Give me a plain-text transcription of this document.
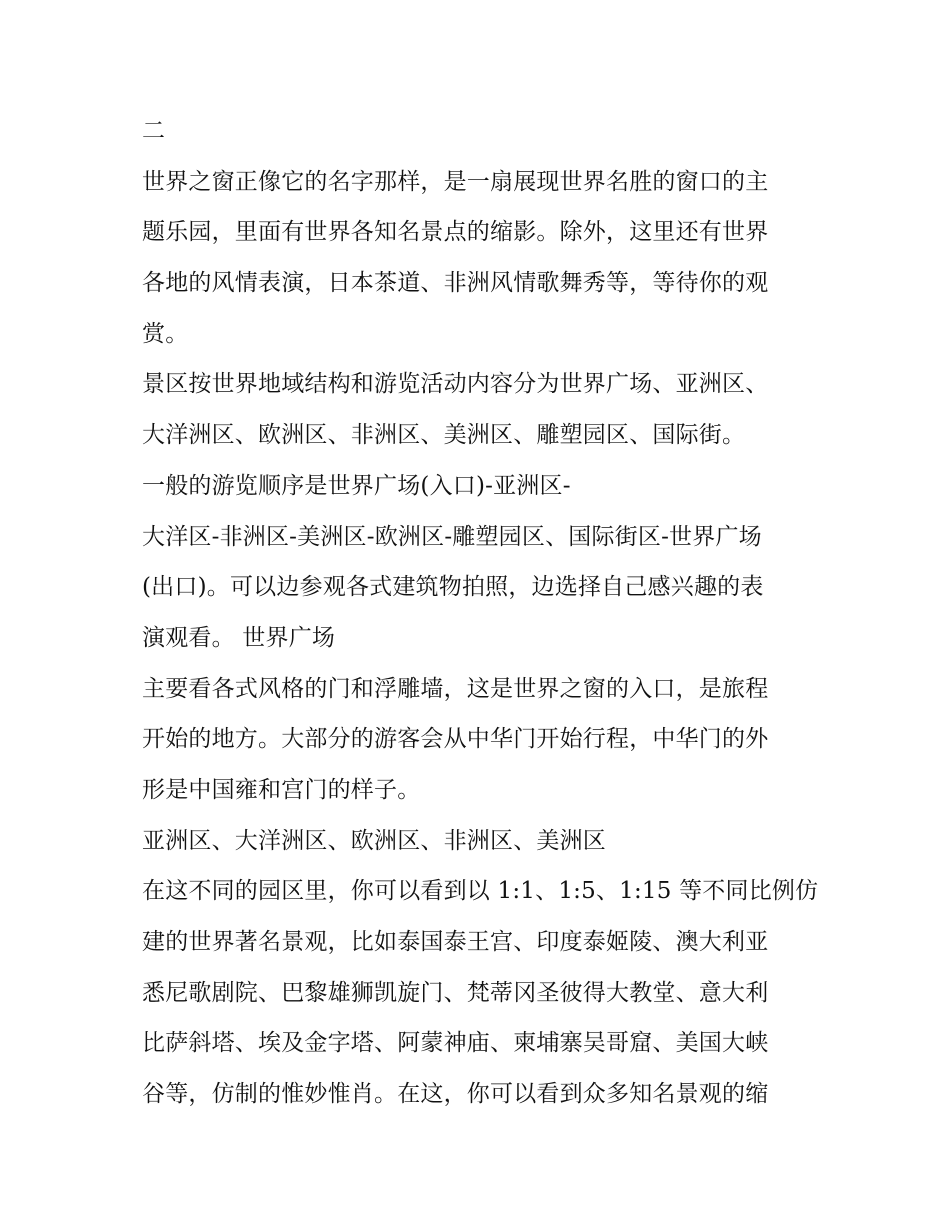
二
世界之窗正像它的名字那样，是一扇展现世界名胜的窗口的主
题乐园，里面有世界各知名景点的缩影。除外，这里还有世界
各地的风情表演，日本茶道、非洲风情歌舞秀等，等待你的观
赏。
景区按世界地域结构和游览活动内容分为世界广场、亚洲区、
大洋洲区、欧洲区、非洲区、美洲区、雕塑园区、国际街。
一般的游览顺序是世界广场(入口)-亚洲区-
大洋区-非洲区-美洲区-欧洲区-雕塑园区、国际街区-世界广场
(出口)。可以边参观各式建筑物拍照，边选择自己感兴趣的表
演观看。 世界广场
主要看各式风格的门和浮雕墙，这是世界之窗的入口，是旅程
开始的地方。大部分的游客会从中华门开始行程，中华门的外
形是中国雍和宫门的样子。
亚洲区、大洋洲区、欧洲区、非洲区、美洲区
在这不同的园区里，你可以看到以 1:1、1:5、1:15 等不同比例仿
建的世界著名景观，比如泰国泰王宫、印度泰姬陵、澳大利亚
悉尼歌剧院、巴黎雄狮凯旋门、梵蒂冈圣彼得大教堂、意大利
比萨斜塔、埃及金字塔、阿蒙神庙、柬埔寨吴哥窟、美国大峡
谷等，仿制的惟妙惟肖。在这，你可以看到众多知名景观的缩
